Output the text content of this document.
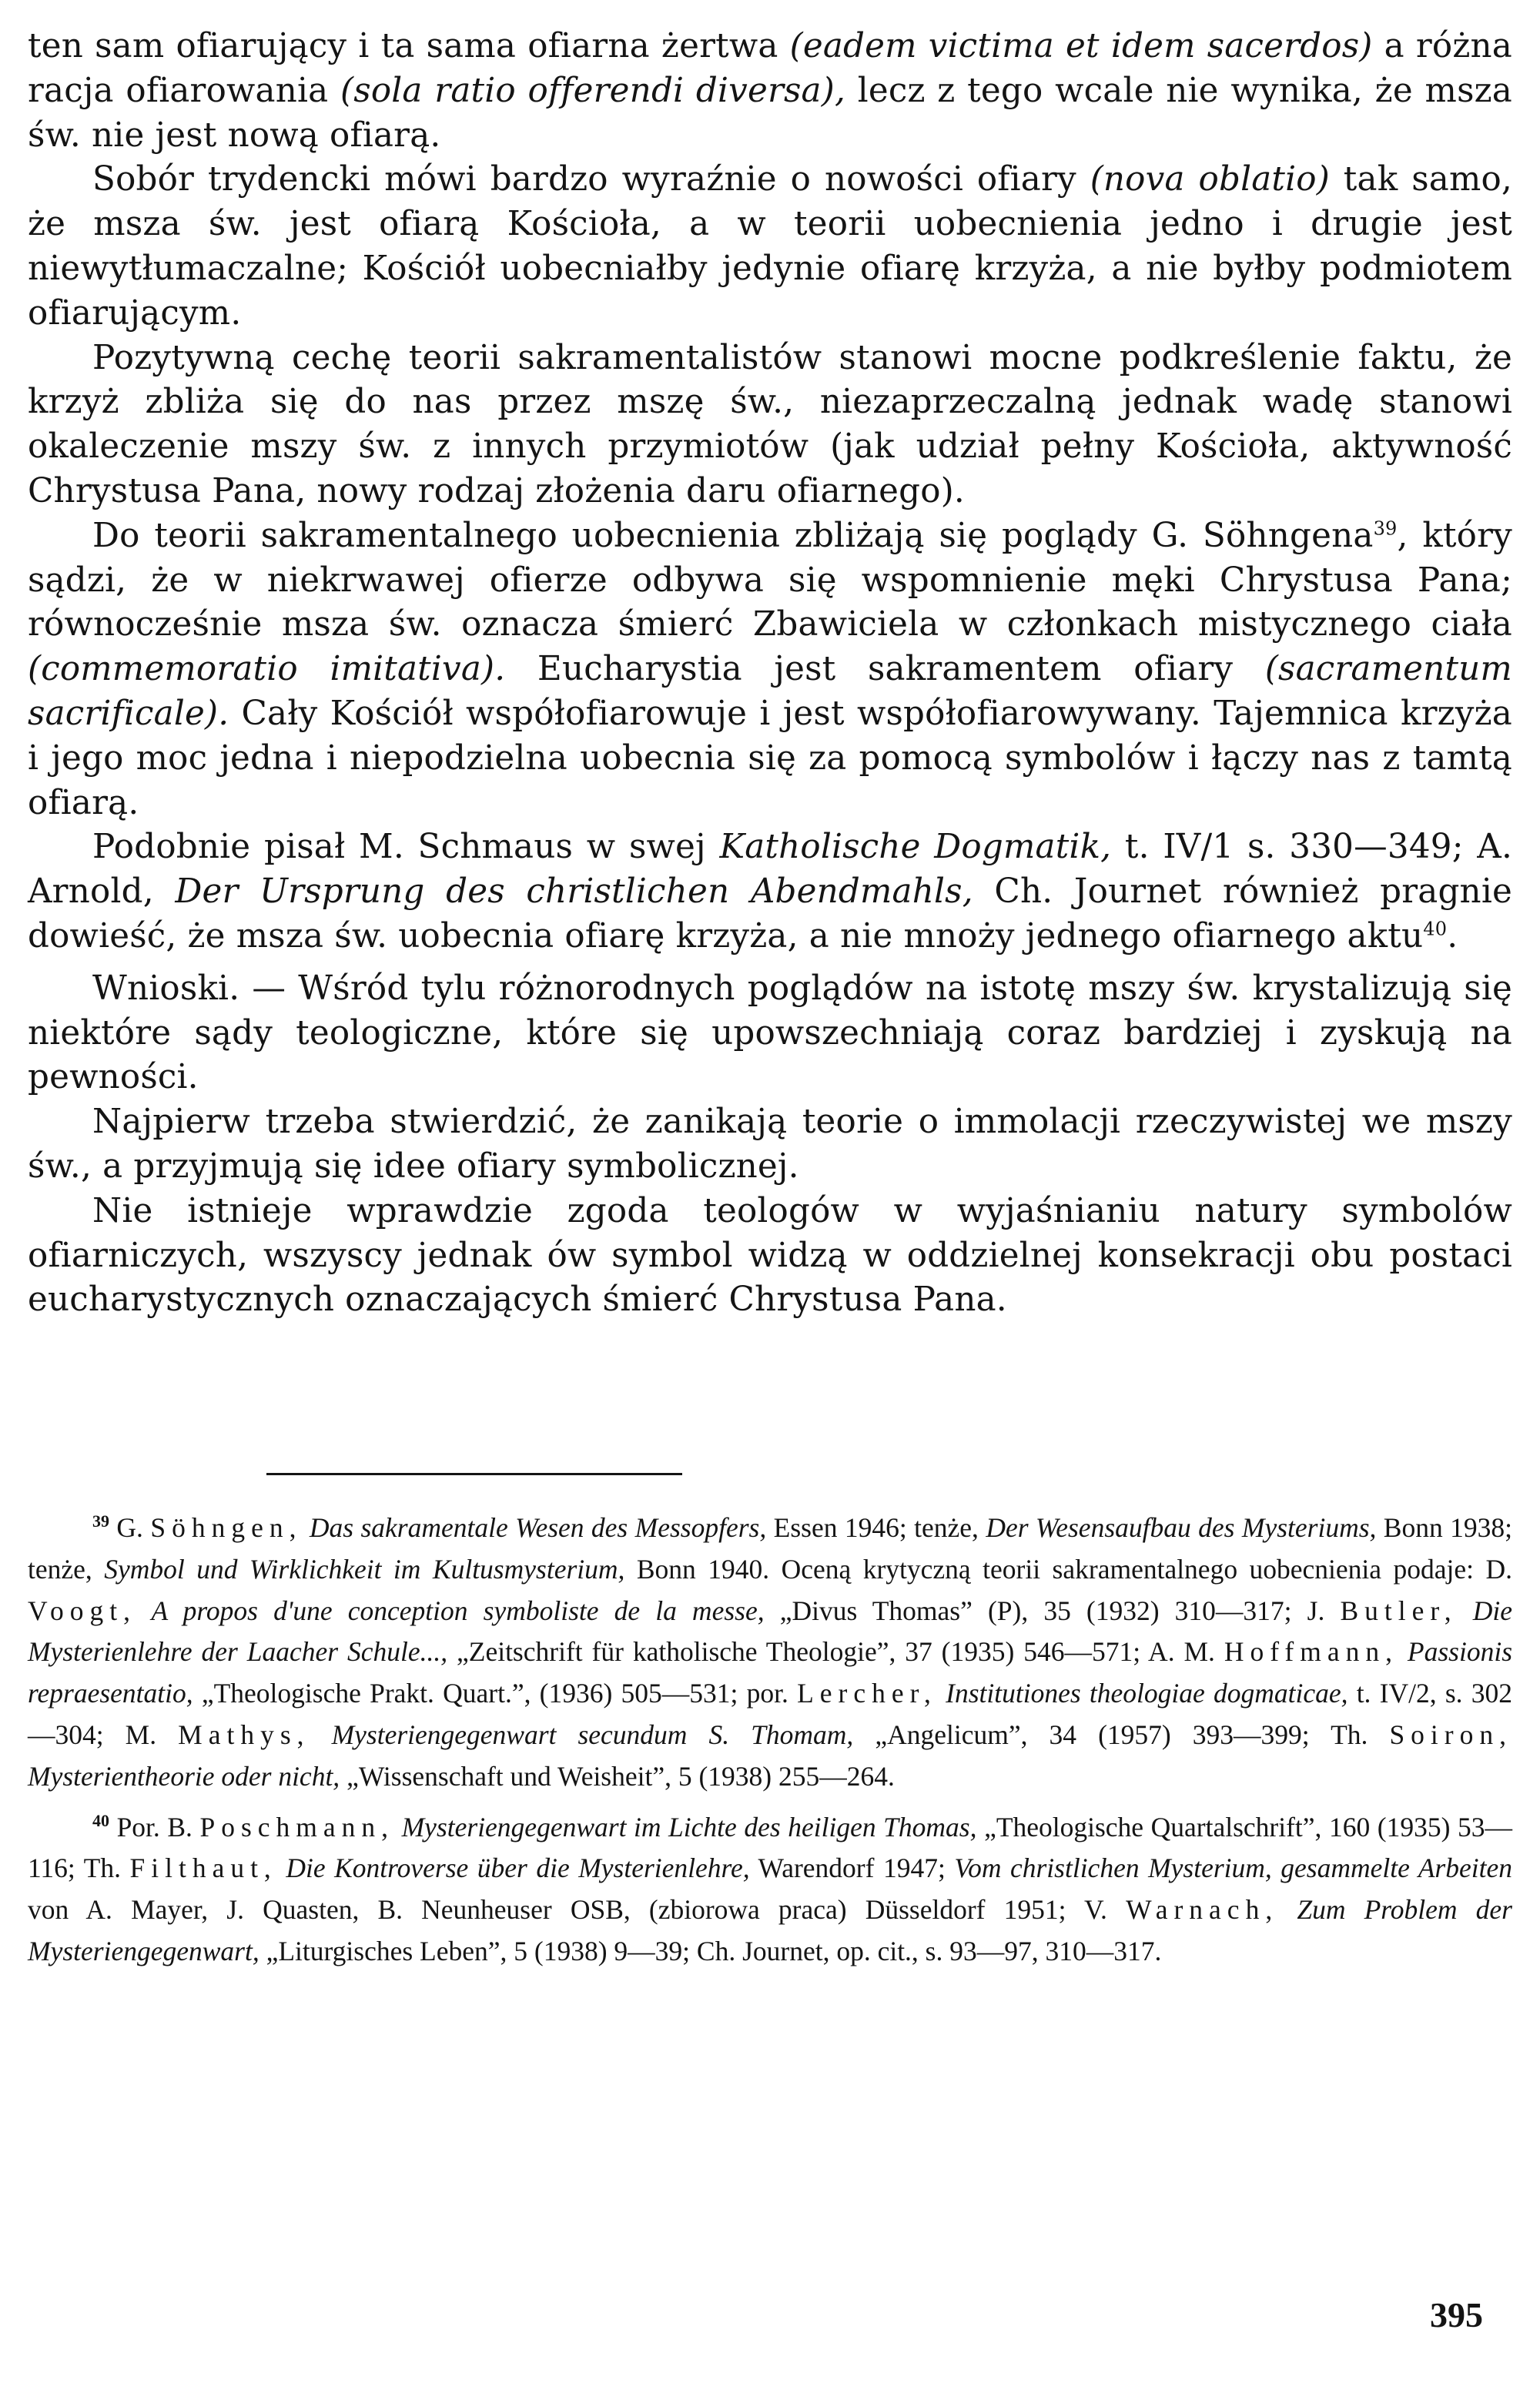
ten sam ofiarujący i ta sama ofiarna żertwa (eadem victima et idem sacerdos) a różna racja ofiarowania (sola ratio offerendi diversa), lecz z tego wcale nie wynika, że msza św. nie jest nową ofiarą.

Sobór trydencki mówi bardzo wyraźnie o nowości ofiary (nova oblatio) tak samo, że msza św. jest ofiarą Kościoła, a w teorii uobecnienia jedno i drugie jest niewytłumaczalne; Kościół uobecniałby jedynie ofiarę krzyża, a nie byłby podmiotem ofiarującym.

Pozytywną cechę teorii sakramentalistów stanowi mocne podkreślenie faktu, że krzyż zbliża się do nas przez mszę św., niezaprzeczalną jednak wadę stanowi okaleczenie mszy św. z innych przymiotów (jak udział pełny Kościoła, aktywność Chrystusa Pana, nowy rodzaj złożenia daru ofiarnego).

Do teorii sakramentalnego uobecnienia zbliżają się poglądy G. Söhngena$^{39}$, który sądzi, że w niekrwawej ofierze odbywa się wspomnienie męki Chrystusa Pana; równocześnie msza św. oznacza śmierć Zbawiciela w członkach mistycznego ciała (commemoratio imitativa). Eucharystia jest sakramentem ofiary (sacramentum sacrificale). Cały Kościół współofiarowuje i jest współofiarowywany. Tajemnica krzyża i jego moc jedna i niepodzielna uobecnia się za pomocą symbolów i łączy nas z tamtą ofiarą.

Podobnie pisał M. Schmaus w swej Katholische Dogmatik, t. IV/1 s. 330—349; A. Arnold, Der Ursprung des christlichen Abendmahls, Ch. Journet również pragnie dowieść, że msza św. uobecnia ofiarę krzyża, a nie mnoży jednego ofiarnego aktu$^{40}$.

Wnioski. — Wśród tylu różnorodnych poglądów na istotę mszy św. krystalizują się niektóre sądy teologiczne, które się upowszechniają coraz bardziej i zyskują na pewności.

Najpierw trzeba stwierdzić, że zanikają teorie o immolacji rzeczywistej we mszy św., a przyjmują się idee ofiary symbolicznej.

Nie istnieje wprawdzie zgoda teologów w wyjaśnianiu natury symbolów ofiarniczych, wszyscy jednak ów symbol widzą w oddzielnej konsekracji obu postaci eucharystycznych oznaczających śmierć Chrystusa Pana.

$^{39}$ G. Söhngen, Das sakramentale Wesen des Messopfers, Essen 1946; tenże, Der Wesensaufbau des Mysteriums, Bonn 1938; tenże, Symbol und Wirklichkeit im Kultusmysterium, Bonn 1940. Oceną krytyczną teorii sakramentalnego uobecnienia podaje: D. Voogt, A propos d'une conception symboliste de la messe, „Divus Thomas” (P), 35 (1932) 310—317; J. Butler, Die Mysterienlehre der Laacher Schule..., „Zeitschrift für katholische Theologie”, 37 (1935) 546—571; A. M. Hoffmann, Passionis repraesentatio, „Theologische Prakt. Quart.”, (1936) 505—531; por. Lercher, Institutiones theologiae dogmaticae, t. IV/2, s. 302—304; M. Mathys, Mysteriengegenwart secundum S. Thomam, „Angelicum”, 34 (1957) 393—399; Th. Soiron, Mysterientheorie oder nicht, „Wissenschaft und Weisheit”, 5 (1938) 255—264.

$^{40}$ Por. B. Poschmann, Mysteriengegenwart im Lichte des heiligen Thomas, „Theologische Quartalschrift”, 160 (1935) 53—116; Th. Filthaut, Die Kontroverse über die Mysterienlehre, Warendorf 1947; Vom christlichen Mysterium, gesammelte Arbeiten von A. Mayer, J. Quasten, B. Neunheuser OSB, (zbiorowa praca) Düsseldorf 1951; V. Warnach, Zum Problem der Mysteriengegenwart, „Liturgisches Leben”, 5 (1938) 9—39; Ch. Journet, op. cit., s. 93—97, 310—317.

395
